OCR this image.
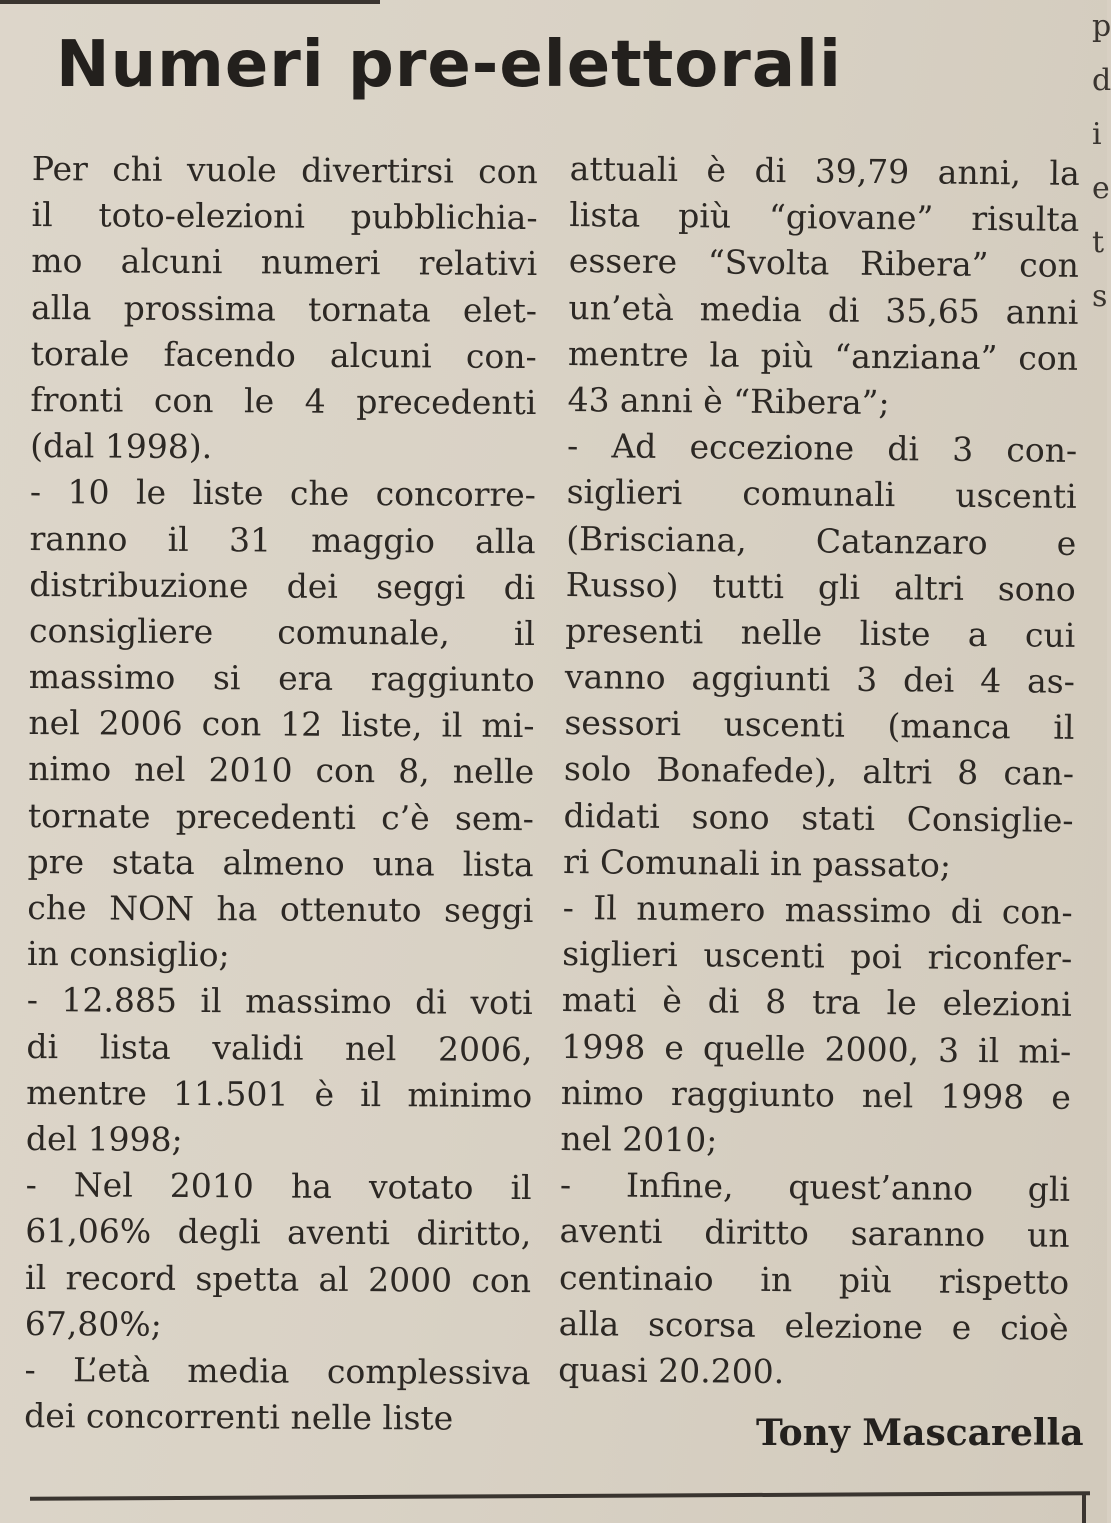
Numeri pre-elettorali
Per chi vuole divertirsi con
il toto-elezioni pubblichia-
mo alcuni numeri relativi
alla prossima tornata elet-
torale facendo alcuni con-
fronti con le 4 precedenti
(dal 1998).
- 10 le liste che concorre-
ranno il 31 maggio alla
distribuzione dei seggi di
consigliere comunale, il
massimo si era raggiunto
nel 2006 con 12 liste, il mi-
nimo nel 2010 con 8, nelle
tornate precedenti c’è sem-
pre stata almeno una lista
che NON ha ottenuto seggi
in consiglio;
- 12.885 il massimo di voti
di lista validi nel 2006,
mentre 11.501 è il minimo
del 1998;
- Nel 2010 ha votato il
61,06% degli aventi diritto,
il record spetta al 2000 con
67,80%;
- L’età media complessiva
dei concorrenti nelle liste
attuali è di 39,79 anni, la
lista più “giovane” risulta
essere “Svolta Ribera” con
un’età media di 35,65 anni
mentre la più “anziana” con
43 anni è “Ribera”;
- Ad eccezione di 3 con-
siglieri comunali uscenti
(Brisciana, Catanzaro e
Russo) tutti gli altri sono
presenti nelle liste a cui
vanno aggiunti 3 dei 4 as-
sessori uscenti (manca il
solo Bonafede), altri 8 can-
didati sono stati Consiglie-
ri Comunali in passato;
- Il numero massimo di con-
siglieri uscenti poi riconfer-
mati è di 8 tra le elezioni
1998 e quelle 2000, 3 il mi-
nimo raggiunto nel 1998 e
nel 2010;
- Infine, quest’anno gli
aventi diritto saranno un
centinaio in più rispetto
alla scorsa elezione e cioè
quasi 20.200.
Tony Mascarella
p
d
i
e
t
s
